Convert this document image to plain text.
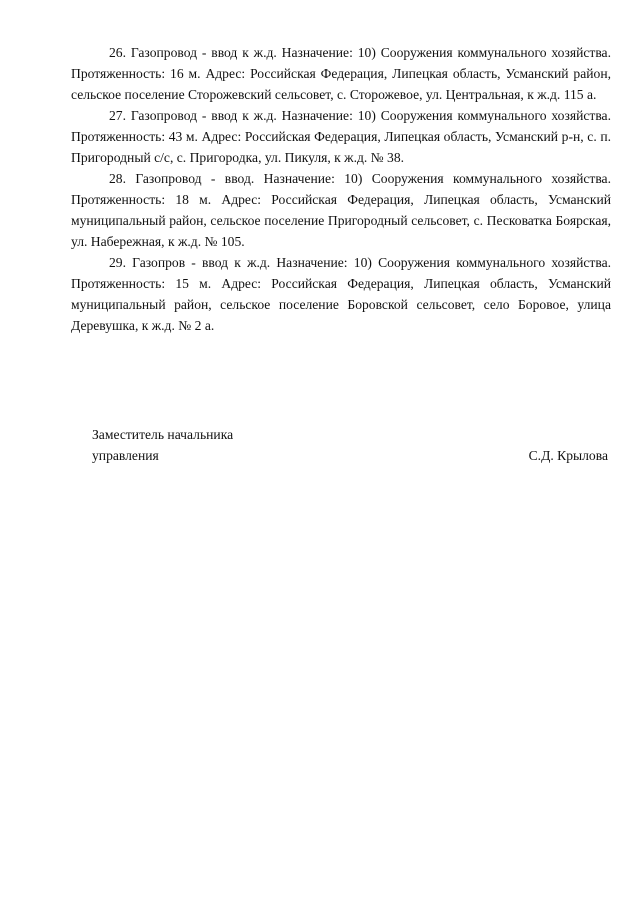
26. Газопровод - ввод к ж.д. Назначение: 10) Сооружения коммунального хозяйства. Протяженность: 16 м. Адрес: Российская Федерация, Липецкая область, Усманский район, сельское поселение Сторожевский сельсовет, с. Сторожевое, ул. Центральная, к ж.д. 115 а.

27. Газопровод - ввод к ж.д. Назначение: 10) Сооружения коммунального хозяйства. Протяженность: 43 м. Адрес: Российская Федерация, Липецкая область, Усманский р-н, с. п. Пригородный с/с, с. Пригородка, ул. Пикуля, к ж.д. № 38.

28. Газопровод - ввод. Назначение: 10) Сооружения коммунального хозяйства. Протяженность: 18 м. Адрес: Российская Федерация, Липецкая область, Усманский муниципальный район, сельское поселение Пригородный сельсовет, с. Песковатка Боярская, ул. Набережная, к ж.д. № 105.

29. Газопров - ввод к ж.д. Назначение: 10) Сооружения коммунального хозяйства. Протяженность: 15 м. Адрес: Российская Федерация, Липецкая область, Усманский муниципальный район, сельское поселение Боровской сельсовет, село Боровое, улица Деревушка, к ж.д. № 2 а.

Заместитель начальника
управления	С.Д. Крылова
